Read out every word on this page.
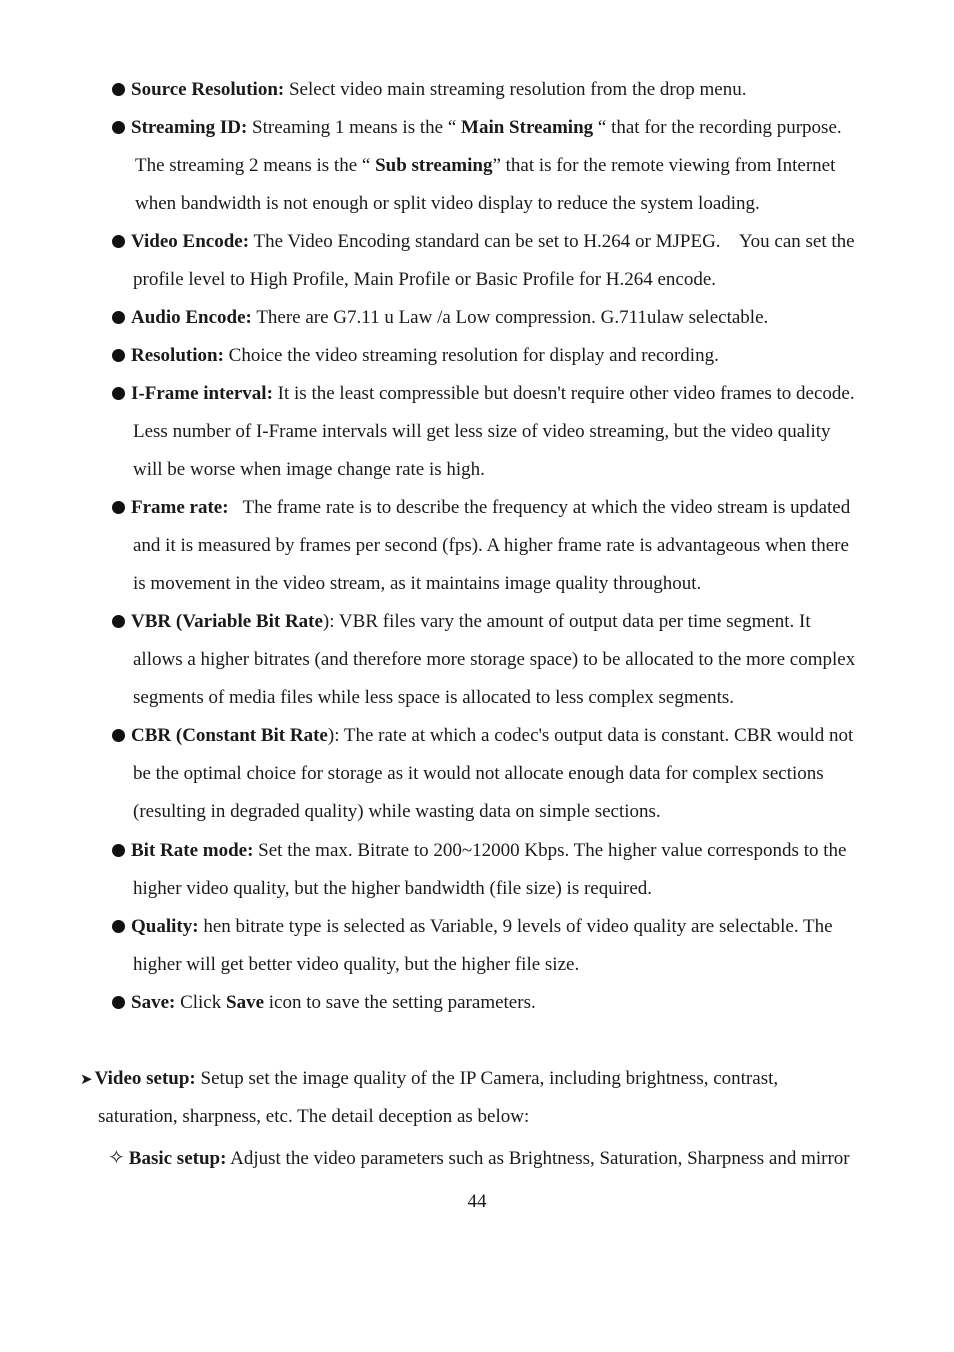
Source Resolution: Select video main streaming resolution from the drop menu.
Streaming ID: Streaming 1 means is the “ Main Streaming “ that for the recording purpose.
The streaming 2 means is the “ Sub streaming” that is for the remote viewing from Internet
when bandwidth is not enough or split video display to reduce the system loading.
Video Encode: The Video Encoding standard can be set to H.264 or MJPEG.    You can set the
profile level to High Profile, Main Profile or Basic Profile for H.264 encode.
Audio Encode: There are G7.11 u Law /a Low compression. G.711ulaw selectable.
Resolution: Choice the video streaming resolution for display and recording.
I-Frame interval: It is the least compressible but doesn't require other video frames to decode.
Less number of I-Frame intervals will get less size of video streaming, but the video quality
will be worse when image change rate is high.
Frame rate:   The frame rate is to describe the frequency at which the video stream is updated
and it is measured by frames per second (fps). A higher frame rate is advantageous when there
is movement in the video stream, as it maintains image quality throughout.
VBR (Variable Bit Rate): VBR files vary the amount of output data per time segment. It
allows a higher bitrates (and therefore more storage space) to be allocated to the more complex
segments of media files while less space is allocated to less complex segments.
CBR (Constant Bit Rate): The rate at which a codec's output data is constant. CBR would not
be the optimal choice for storage as it would not allocate enough data for complex sections
(resulting in degraded quality) while wasting data on simple sections.
Bit Rate mode: Set the max. Bitrate to 200~12000 Kbps. The higher value corresponds to the
higher video quality, but the higher bandwidth (file size) is required.
Quality: hen bitrate type is selected as Variable, 9 levels of video quality are selectable. The
higher will get better video quality, but the higher file size.
Save: Click Save icon to save the setting parameters.
➤ Video setup: Setup set the image quality of the IP Camera, including brightness, contrast,
saturation, sharpness, etc. The detail deception as below:
✧ Basic setup: Adjust the video parameters such as Brightness, Saturation, Sharpness and mirror
44
